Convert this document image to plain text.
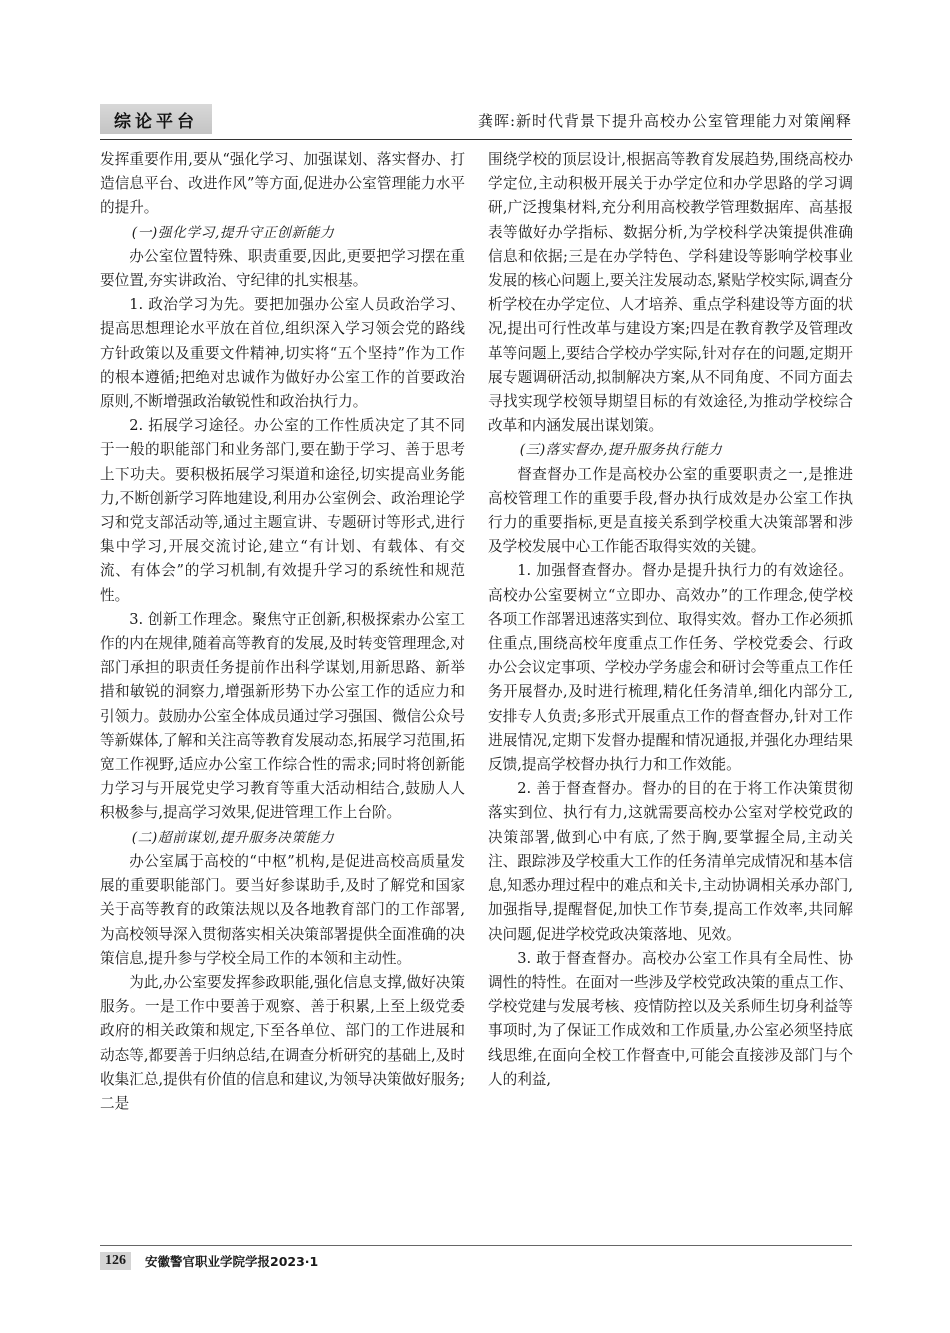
综论平台	龚晖:新时代背景下提升高校办公室管理能力对策阐释

发挥重要作用,要从“强化学习、加强谋划、落实督办、打造信息平台、改进作风”等方面,促进办公室管理能力水平的提升。

(一)强化学习,提升守正创新能力

办公室位置特殊、职责重要,因此,更要把学习摆在重要位置,夯实讲政治、守纪律的扎实根基。

1. 政治学习为先。要把加强办公室人员政治学习、提高思想理论水平放在首位,组织深入学习领会党的路线方针政策以及重要文件精神,切实将“五个坚持”作为工作的根本遵循;把绝对忠诚作为做好办公室工作的首要政治原则,不断增强政治敏锐性和政治执行力。

2. 拓展学习途径。办公室的工作性质决定了其不同于一般的职能部门和业务部门,要在勤于学习、善于思考上下功夫。要积极拓展学习渠道和途径,切实提高业务能力,不断创新学习阵地建设,利用办公室例会、政治理论学习和党支部活动等,通过主题宣讲、专题研讨等形式,进行集中学习,开展交流讨论,建立“有计划、有载体、有交流、有体会”的学习机制,有效提升学习的系统性和规范性。

3. 创新工作理念。聚焦守正创新,积极探索办公室工作的内在规律,随着高等教育的发展,及时转变管理理念,对部门承担的职责任务提前作出科学谋划,用新思路、新举措和敏锐的洞察力,增强新形势下办公室工作的适应力和引领力。鼓励办公室全体成员通过学习强国、微信公众号等新媒体,了解和关注高等教育发展动态,拓展学习范围,拓宽工作视野,适应办公室工作综合性的需求;同时将创新能力学习与开展党史学习教育等重大活动相结合,鼓励人人积极参与,提高学习效果,促进管理工作上台阶。

(二)超前谋划,提升服务决策能力

办公室属于高校的“中枢”机构,是促进高校高质量发展的重要职能部门。要当好参谋助手,及时了解党和国家关于高等教育的政策法规以及各地教育部门的工作部署,为高校领导深入贯彻落实相关决策部署提供全面准确的决策信息,提升参与学校全局工作的本领和主动性。

为此,办公室要发挥参政职能,强化信息支撑,做好决策服务。一是工作中要善于观察、善于积累,上至上级党委政府的相关政策和规定,下至各单位、部门的工作进展和动态等,都要善于归纳总结,在调查分析研究的基础上,及时收集汇总,提供有价值的信息和建议,为领导决策做好服务;二是

围绕学校的顶层设计,根据高等教育发展趋势,围绕高校办学定位,主动积极开展关于办学定位和办学思路的学习调研,广泛搜集材料,充分利用高校教学管理数据库、高基报表等做好办学指标、数据分析,为学校科学决策提供准确信息和依据;三是在办学特色、学科建设等影响学校事业发展的核心问题上,要关注发展动态,紧贴学校实际,调查分析学校在办学定位、人才培养、重点学科建设等方面的状况,提出可行性改革与建设方案;四是在教育教学及管理改革等问题上,要结合学校办学实际,针对存在的问题,定期开展专题调研活动,拟制解决方案,从不同角度、不同方面去寻找实现学校领导期望目标的有效途径,为推动学校综合改革和内涵发展出谋划策。

(三)落实督办,提升服务执行能力

督查督办工作是高校办公室的重要职责之一,是推进高校管理工作的重要手段,督办执行成效是办公室工作执行力的重要指标,更是直接关系到学校重大决策部署和涉及学校发展中心工作能否取得实效的关键。

1. 加强督查督办。督办是提升执行力的有效途径。高校办公室要树立“立即办、高效办”的工作理念,使学校各项工作部署迅速落实到位、取得实效。督办工作必须抓住重点,围绕高校年度重点工作任务、学校党委会、行政办公会议定事项、学校办学务虚会和研讨会等重点工作任务开展督办,及时进行梳理,精化任务清单,细化内部分工,安排专人负责;多形式开展重点工作的督查督办,针对工作进展情况,定期下发督办提醒和情况通报,并强化办理结果反馈,提高学校督办执行力和工作效能。

2. 善于督查督办。督办的目的在于将工作决策贯彻落实到位、执行有力,这就需要高校办公室对学校党政的决策部署,做到心中有底,了然于胸,要掌握全局,主动关注、跟踪涉及学校重大工作的任务清单完成情况和基本信息,知悉办理过程中的难点和关卡,主动协调相关承办部门,加强指导,提醒督促,加快工作节奏,提高工作效率,共同解决问题,促进学校党政决策落地、见效。

3. 敢于督查督办。高校办公室工作具有全局性、协调性的特性。在面对一些涉及学校党政决策的重点工作、学校党建与发展考核、疫情防控以及关系师生切身利益等事项时,为了保证工作成效和工作质量,办公室必须坚持底线思维,在面向全校工作督查中,可能会直接涉及部门与个人的利益,

126	安徽警官职业学院学报2023·1
